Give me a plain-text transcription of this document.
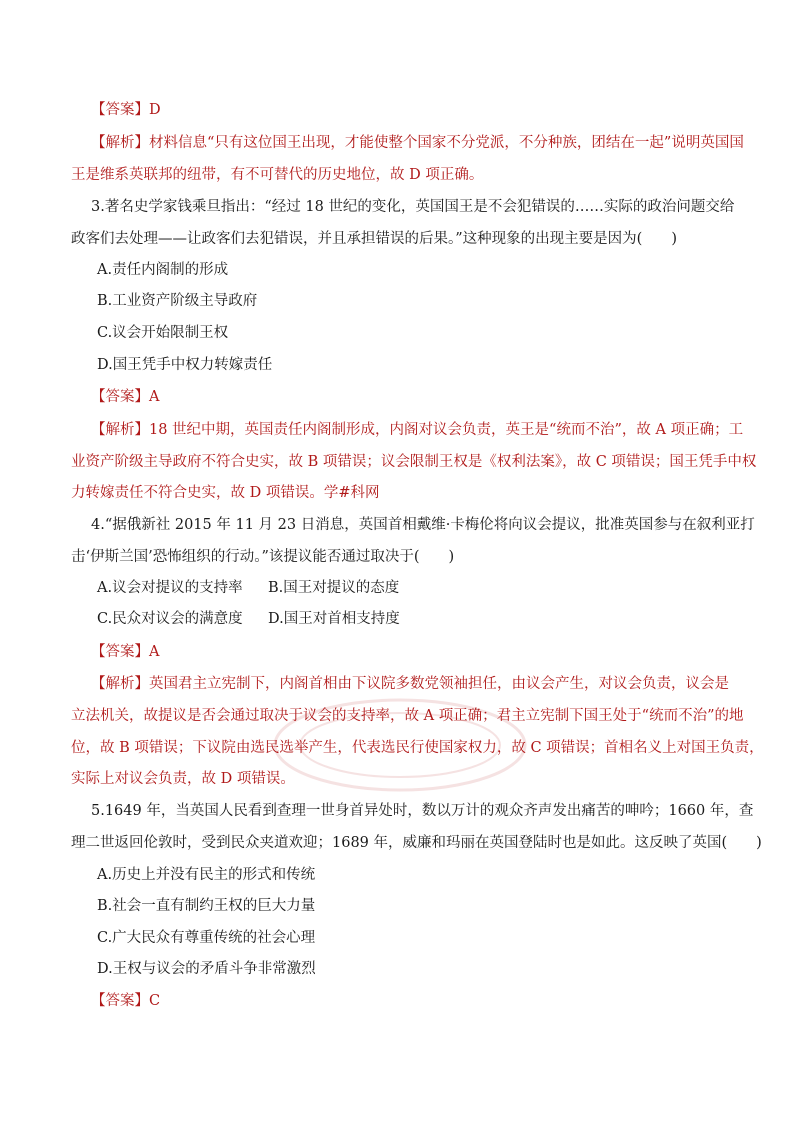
【答案】D
【解析】材料信息“只有这位国王出现，才能使整个国家不分党派，不分种族，团结在一起”说明英国国
王是维系英联邦的纽带，有不可替代的历史地位，故 D 项正确。
3.著名史学家钱乘旦指出：“经过 18 世纪的变化，英国国王是不会犯错误的……实际的政治问题交给
政客们去处理——让政客们去犯错误，并且承担错误的后果。”这种现象的出现主要是因为(　　)
A.责任内阁制的形成
B.工业资产阶级主导政府
C.议会开始限制王权
D.国王凭手中权力转嫁责任
【答案】A
【解析】18 世纪中期，英国责任内阁制形成，内阁对议会负责，英王是“统而不治”，故 A 项正确；工
业资产阶级主导政府不符合史实，故 B 项错误；议会限制王权是《权利法案》，故 C 项错误；国王凭手中权
力转嫁责任不符合史实，故 D 项错误。学#科网
4.“据俄新社 2015 年 11 月 23 日消息，英国首相戴维·卡梅伦将向议会提议，批准英国参与在叙利亚打
击‘伊斯兰国’恐怖组织的行动。”该提议能否通过取决于(　　)
A.议会对提议的支持率 B.国王对提议的态度
C.民众对议会的满意度 D.国王对首相支持度
【答案】A
【解析】英国君主立宪制下，内阁首相由下议院多数党领袖担任，由议会产生，对议会负责，议会是
立法机关，故提议是否会通过取决于议会的支持率，故 A 项正确；君主立宪制下国王处于“统而不治”的地
位，故 B 项错误；下议院由选民选举产生，代表选民行使国家权力，故 C 项错误；首相名义上对国王负责，
实际上对议会负责，故 D 项错误。
5.1649 年，当英国人民看到查理一世身首异处时，数以万计的观众齐声发出痛苦的呻吟；1660 年，查
理二世返回伦敦时，受到民众夹道欢迎；1689 年，威廉和玛丽在英国登陆时也是如此。这反映了英国(　　)
A.历史上并没有民主的形式和传统
B.社会一直有制约王权的巨大力量
C.广大民众有尊重传统的社会心理
D.王权与议会的矛盾斗争非常激烈
【答案】C
